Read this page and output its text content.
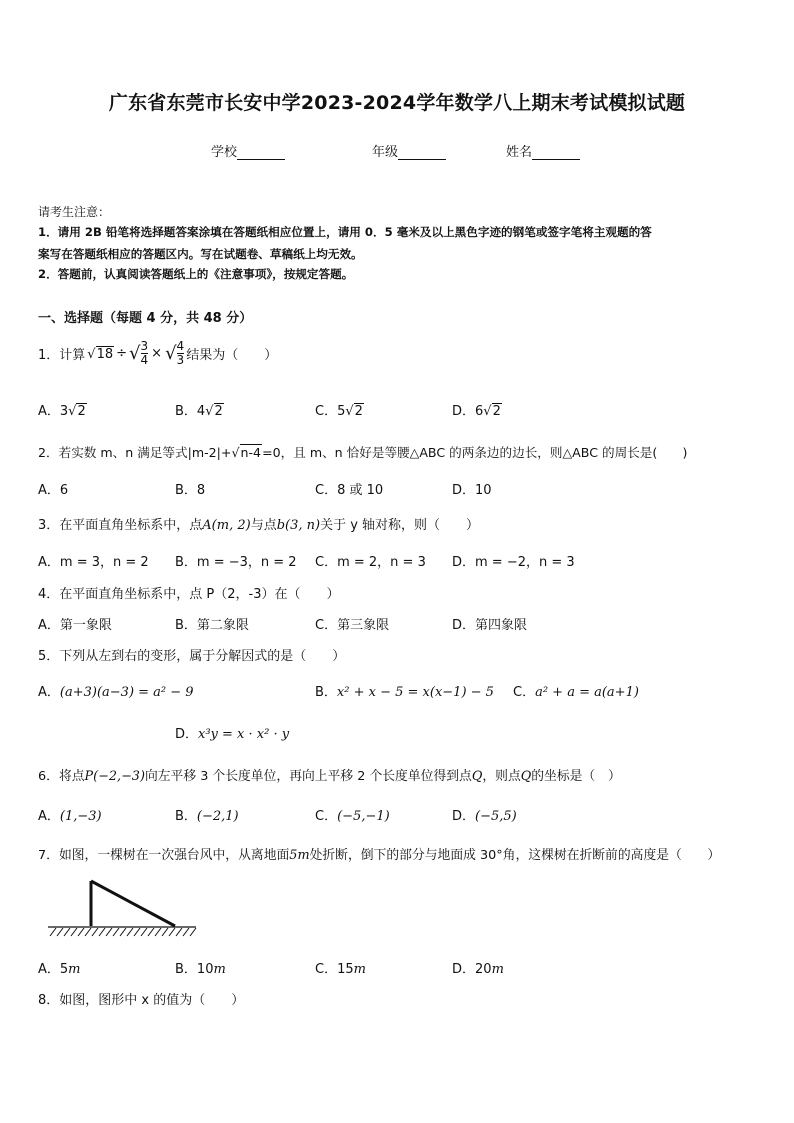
广东省东莞市长安中学2023-2024学年数学八上期末考试模拟试题
学校	年级	姓名
请考生注意：
1．请用 2B 铅笔将选择题答案涂填在答题纸相应位置上，请用 0．5 毫米及以上黑色字迹的钢笔或签字笔将主观题的答
案写在答题纸相应的答题区内。写在试题卷、草稿纸上均无效。
2．答题前，认真阅读答题纸上的《注意事项》，按规定答题。
一、选择题（每题 4 分，共 48 分）
1．计算 √18 ÷ √ $\frac{3}{4}$ × √ $\frac{4}{3}$ 结果为（　　）
A．3√2	B．4√2	C．5√2	D．6√2
2．若实数 m、n 满足等式|m-2|+√n-4=0，且 m、n 恰好是等腰△ABC 的两条边的边长，则△ABC 的周长是(　　)
A．6	B．8	C．8 或 10	D．10
3．在平面直角坐标系中，点A(m, 2)与点b(3, n)关于 y 轴对称，则（　　）
A．m = 3，n = 2 B．m = −3，n = 2 C．m = 2，n = 3 D．m = −2，n = 3
4．在平面直角坐标系中，点 P（2，-3）在（　　）
A．第一象限	B．第二象限	C．第三象限	D．第四象限
5．下列从左到右的变形，属于分解因式的是（　　）
A．(a+3)(a−3) = a² − 9	B．x² + x − 5 = x(x−1) − 5 C．a² + a = a(a+1)
D．x³y = x · x² · y
6．将点P(−2,−3)向左平移 3 个长度单位，再向上平移 2 个长度单位得到点Q，则点Q的坐标是（　）
A．(1,−3)	B．(−2,1)	C．(−5,−1)	D．(−5,5)
7．如图，一棵树在一次强台风中，从离地面5m处折断，倒下的部分与地面成 30°角，这棵树在折断前的高度是（　　）
A．5m	B．10m	C．15m	D．20m
8．如图，图形中 x 的值为（　　）
